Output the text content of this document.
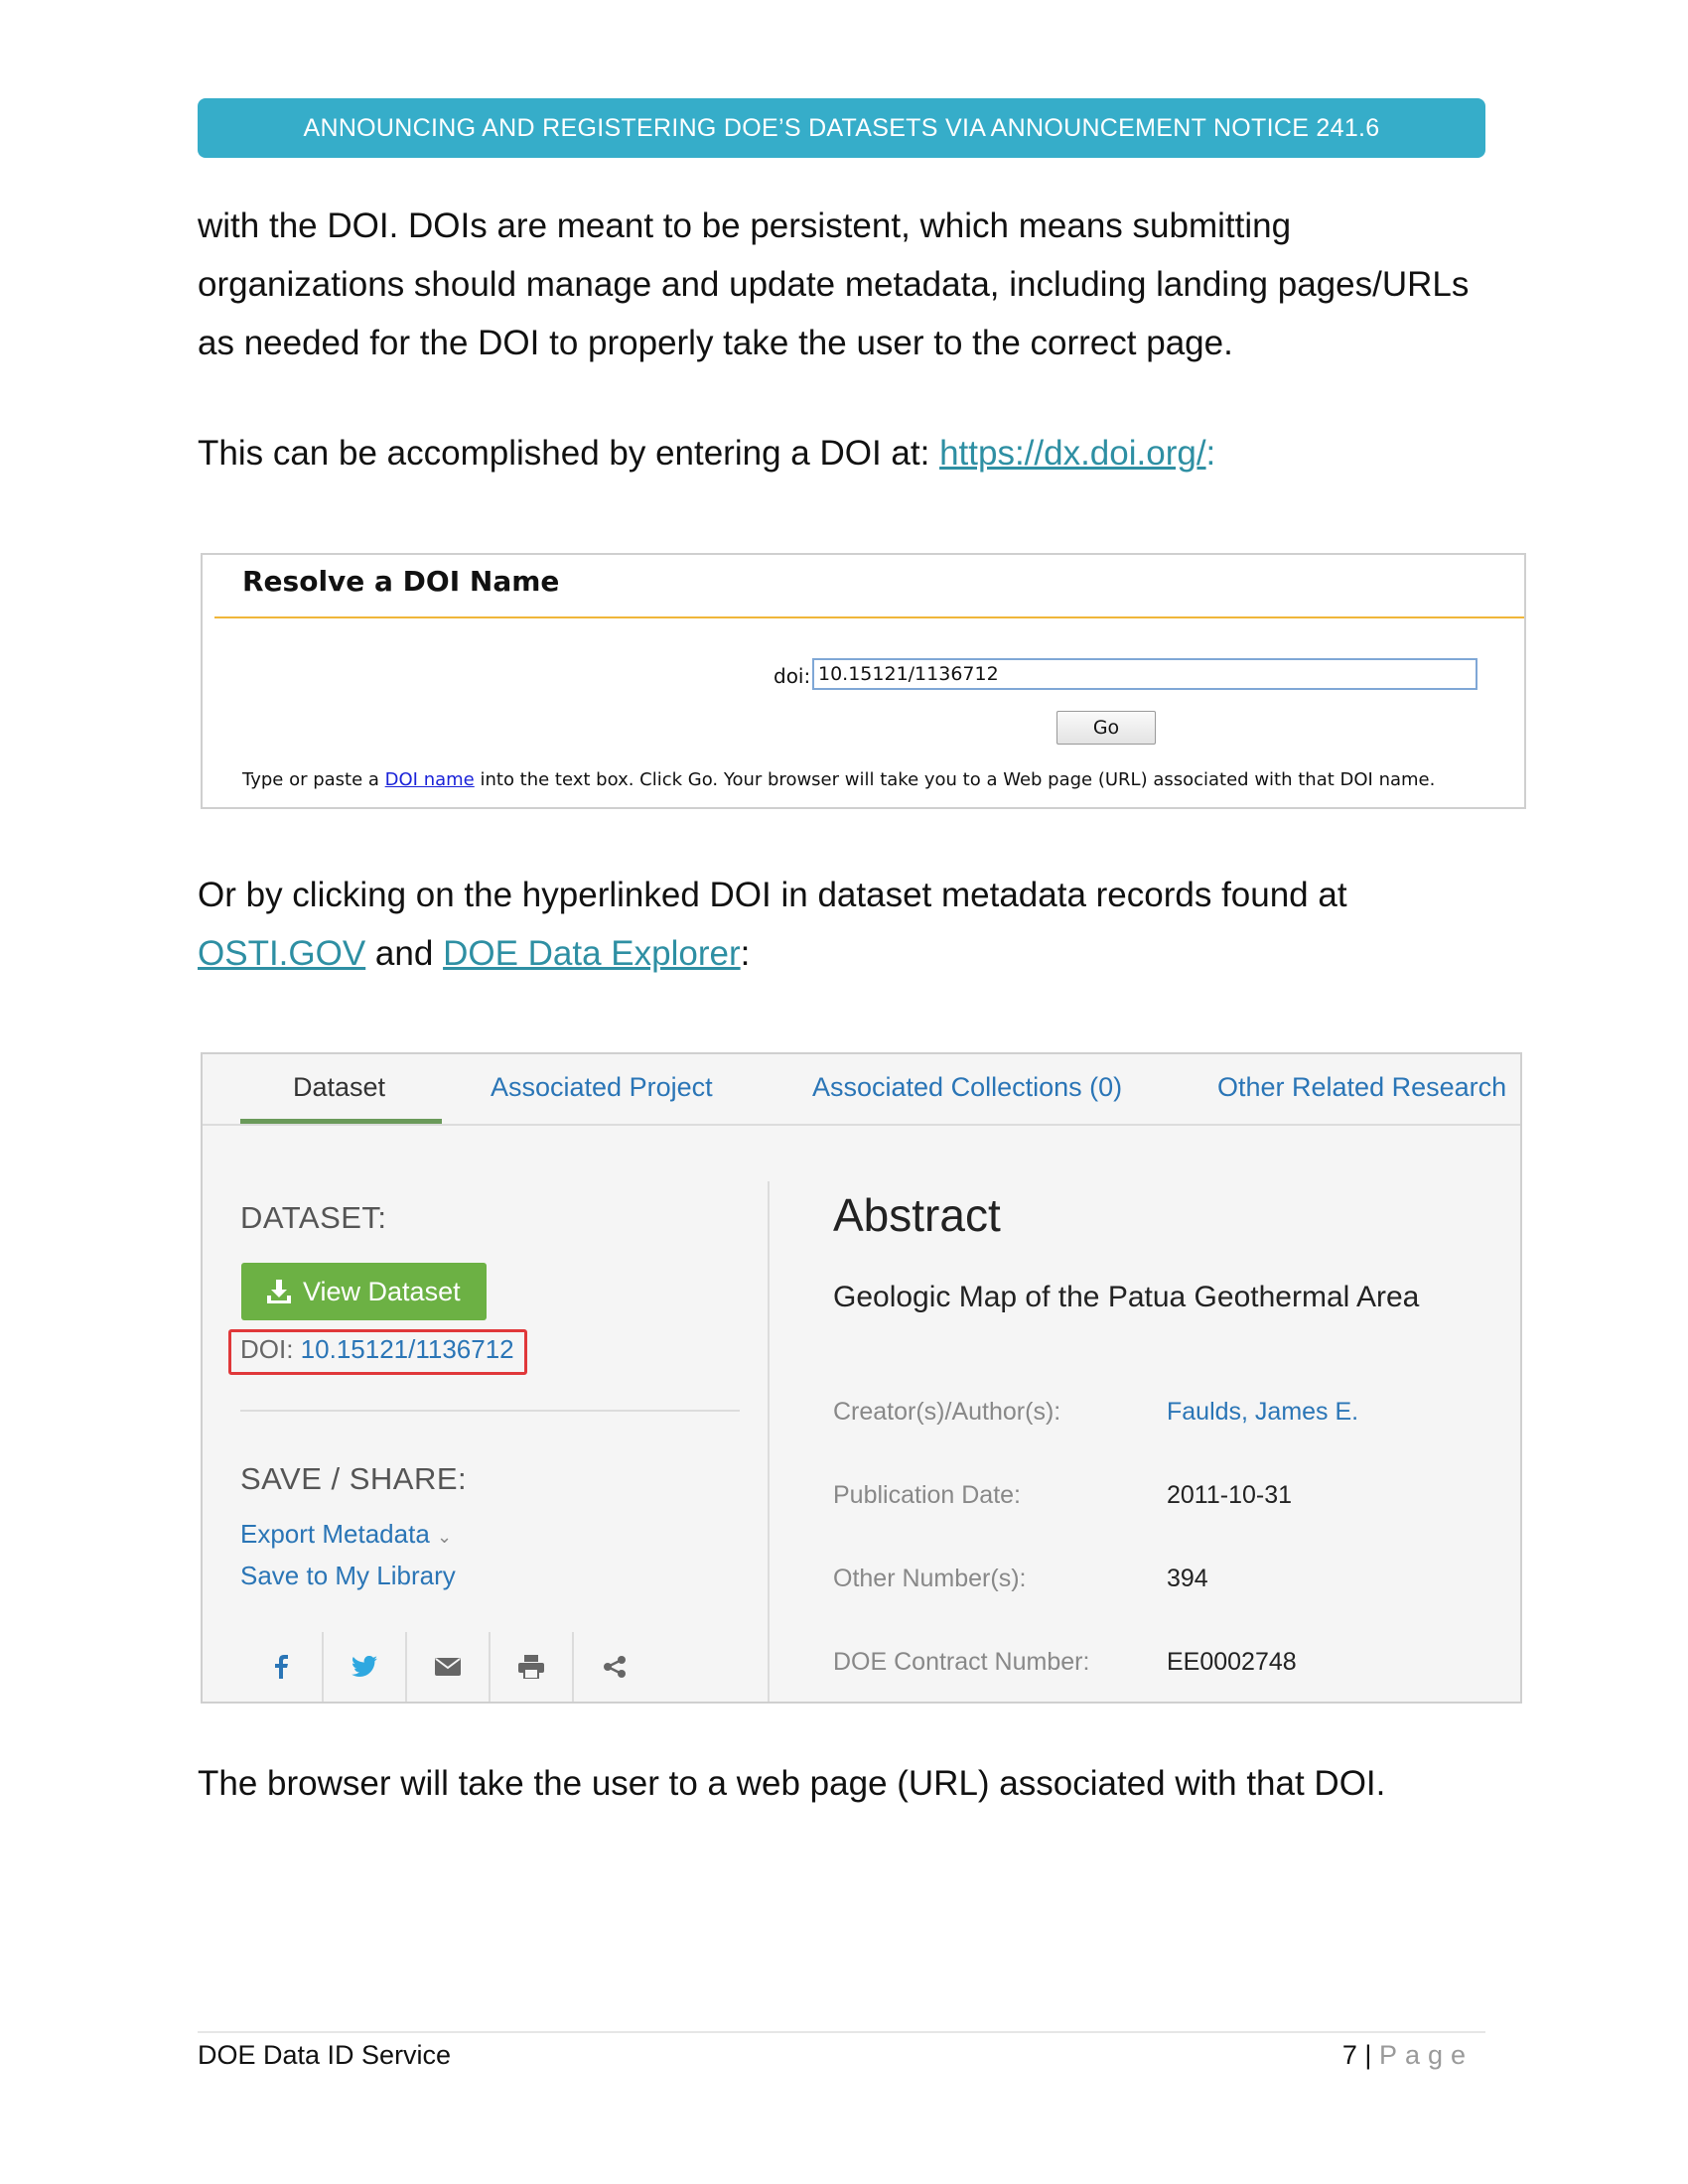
ANNOUNCING AND REGISTERING DOE’S DATASETS VIA ANNOUNCEMENT NOTICE 241.6
with the DOI. DOIs are meant to be persistent, which means submitting
organizations should manage and update metadata, including landing pages/URLs
as needed for the DOI to properly take the user to the correct page.
This can be accomplished by entering a DOI at: https://dx.doi.org/:
Resolve a DOI Name
doi: 10.15121/1136712
Go
Type or paste a DOI name into the text box. Click Go. Your browser will take you to a Web page (URL) associated with that DOI name.
Or by clicking on the hyperlinked DOI in dataset metadata records found at
OSTI.GOV and DOE Data Explorer:
Dataset	Associated Project	Associated Collections (0)	Other Related Research
DATASET:
View Dataset
DOI: 10.15121/1136712
SAVE / SHARE:
Export Metadata ⌄
Save to My Library
Abstract
Geologic Map of the Patua Geothermal Area
Creator(s)/Author(s):	Faulds, James E.
Publication Date:	2011-10-31
Other Number(s):	394
DOE Contract Number:	EE0002748
The browser will take the user to a web page (URL) associated with that DOI.
DOE Data ID Service	7 | Page
